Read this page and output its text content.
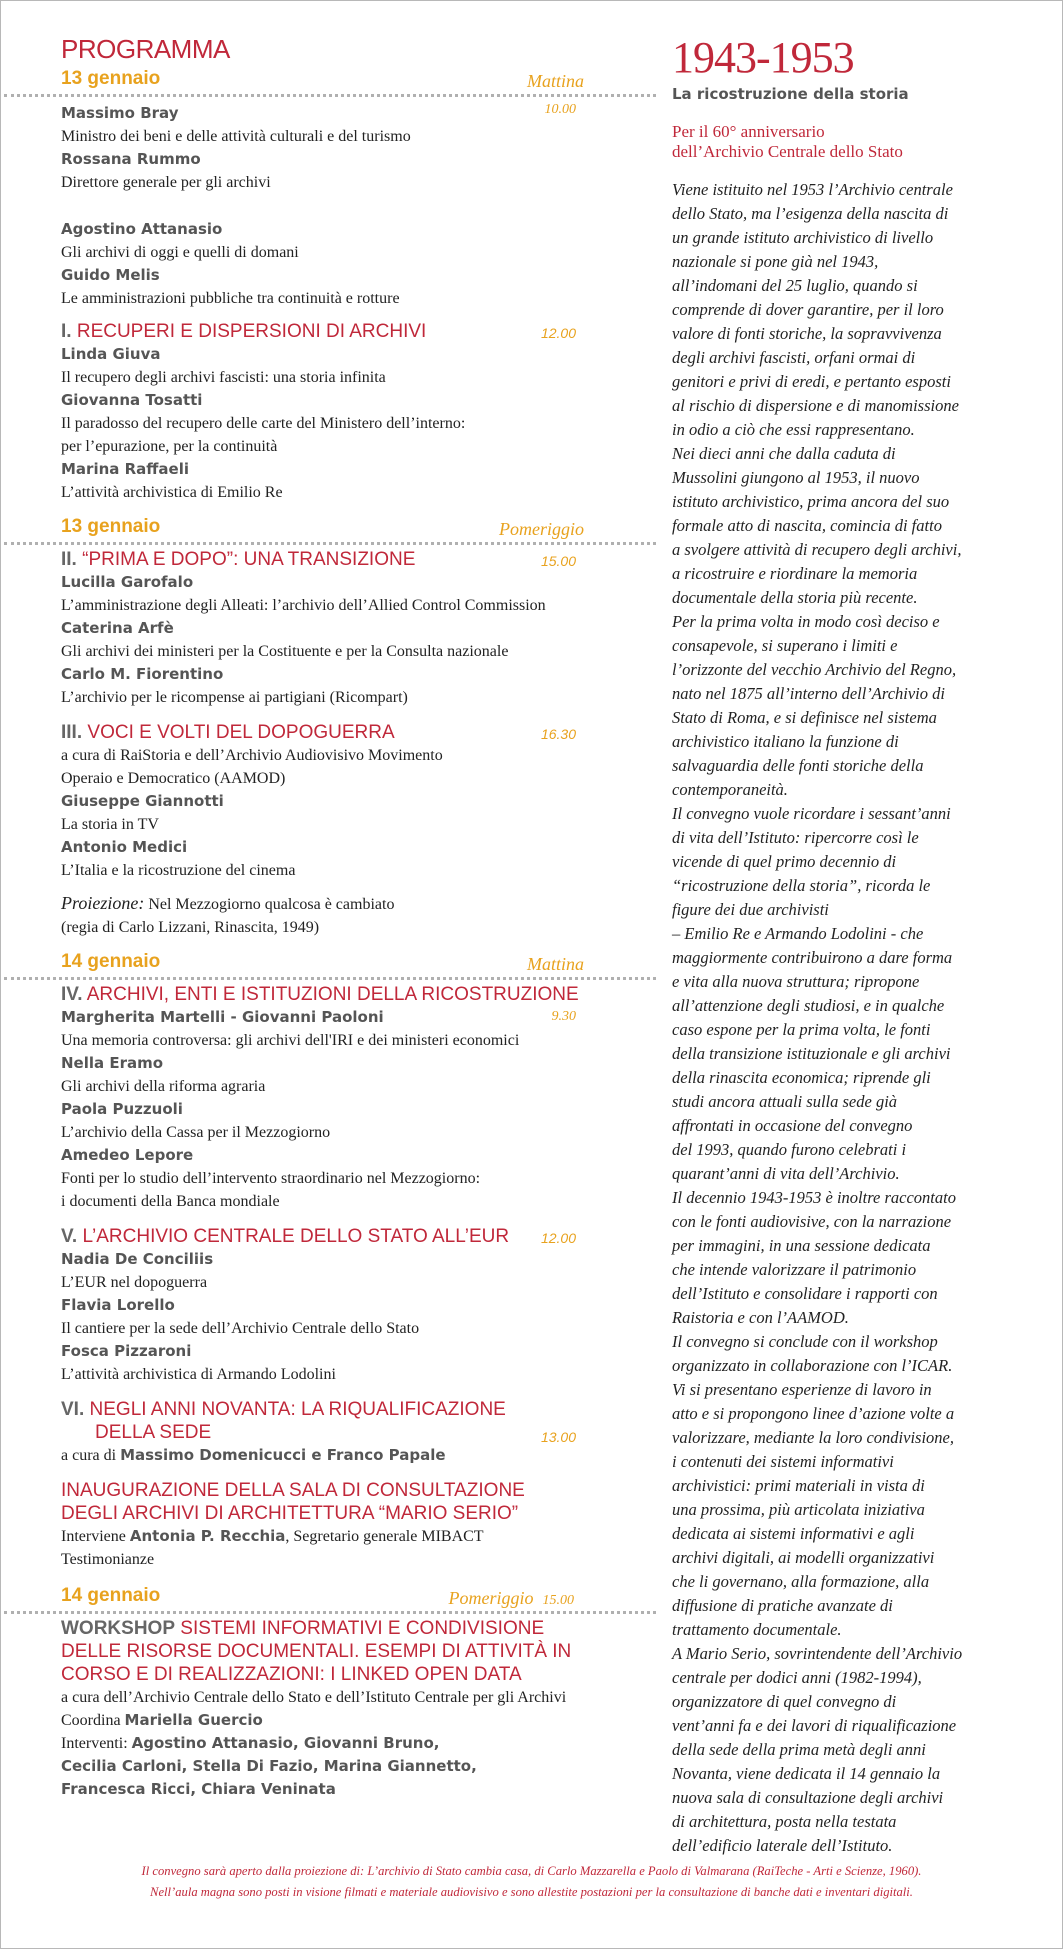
PROGRAMMA
13 gennaio	Mattina
10.00
Massimo Bray
Ministro dei beni e delle attività culturali e del turismo
Rossana Rummo
Direttore generale per gli archivi
Agostino Attanasio
Gli archivi di oggi e quelli di domani
Guido Melis
Le amministrazioni pubbliche tra continuità e rotture
I. RECUPERI E DISPERSIONI DI ARCHIVI	12.00
Linda Giuva
Il recupero degli archivi fascisti: una storia infinita
Giovanna Tosatti
Il paradosso del recupero delle carte del Ministero dell’interno:
per l’epurazione, per la continuità
Marina Raffaeli
L’attività archivistica di Emilio Re
13 gennaio	Pomeriggio
II. “PRIMA E DOPO”: UNA TRANSIZIONE	15.00
Lucilla Garofalo
L’amministrazione degli Alleati: l’archivio dell’Allied Control Commission
Caterina Arfè
Gli archivi dei ministeri per la Costituente e per la Consulta nazionale
Carlo M. Fiorentino
L’archivio per le ricompense ai partigiani (Ricompart)
III. VOCI E VOLTI DEL DOPOGUERRA	16.30
a cura di RaiStoria e dell’Archivio Audiovisivo Movimento
Operaio e Democratico (AAMOD)
Giuseppe Giannotti
La storia in TV
Antonio Medici
L’Italia e la ricostruzione del cinema
Proiezione: Nel Mezzogiorno qualcosa è cambiato
(regia di Carlo Lizzani, Rinascita, 1949)
14 gennaio	Mattina
IV. ARCHIVI, ENTI E ISTITUZIONI DELLA RICOSTRUZIONE
9.30
Margherita Martelli - Giovanni Paoloni
Una memoria controversa: gli archivi dell'IRI e dei ministeri economici
Nella Eramo
Gli archivi della riforma agraria
Paola Puzzuoli
L’archivio della Cassa per il Mezzogiorno
Amedeo Lepore
Fonti per lo studio dell’intervento straordinario nel Mezzogiorno:
i documenti della Banca mondiale
V. L’ARCHIVIO CENTRALE DELLO STATO ALL’EUR 12.00
Nadia De Conciliis
L’EUR nel dopoguerra
Flavia Lorello
Il cantiere per la sede dell’Archivio Centrale dello Stato
Fosca Pizzaroni
L’attività archivistica di Armando Lodolini
VI. NEGLI ANNI NOVANTA: LA RIQUALIFICAZIONE
DELLA SEDE	13.00
a cura di Massimo Domenicucci e Franco Papale
INAUGURAZIONE DELLA SALA DI CONSULTAZIONE
DEGLI ARCHIVI DI ARCHITETTURA “MARIO SERIO”
Interviene Antonia P. Recchia, Segretario generale MIBACT
Testimonianze
14 gennaio	Pomeriggio 15.00
WORKSHOP SISTEMI INFORMATIVI E CONDIVISIONE
DELLE RISORSE DOCUMENTALI. ESEMPI DI ATTIVITÀ IN
CORSO E DI REALIZZAZIONI: I LINKED OPEN DATA
a cura dell’Archivio Centrale dello Stato e dell’Istituto Centrale per gli Archivi
Coordina Mariella Guercio
Interventi: Agostino Attanasio, Giovanni Bruno,
Cecilia Carloni, Stella Di Fazio, Marina Giannetto,
Francesca Ricci, Chiara Veninata
1943-1953
La ricostruzione della storia
Per il 60° anniversario
dell’Archivio Centrale dello Stato

Viene istituito nel 1953 l’Archivio centrale

dello Stato, ma l’esigenza della nascita di

un grande istituto archivistico di livello

nazionale si pone già nel 1943,

all’indomani del 25 luglio, quando si

comprende di dover garantire, per il loro

valore di fonti storiche, la sopravvivenza

degli archivi fascisti, orfani ormai di

genitori e privi di eredi, e pertanto esposti

al rischio di dispersione e di manomissione

in odio a ciò che essi rappresentano.

Nei dieci anni che dalla caduta di

Mussolini giungono al 1953, il nuovo

istituto archivistico, prima ancora del suo

formale atto di nascita, comincia di fatto

a svolgere attività di recupero degli archivi,

a ricostruire e riordinare la memoria

documentale della storia più recente.

Per la prima volta in modo così deciso e

consapevole, si superano i limiti e

l’orizzonte del vecchio Archivio del Regno,

nato nel 1875 all’interno dell’Archivio di

Stato di Roma, e si definisce nel sistema

archivistico italiano la funzione di

salvaguardia delle fonti storiche della

contemporaneità.

Il convegno vuole ricordare i sessant’anni

di vita dell’Istituto: ripercorre così le

vicende di quel primo decennio di

“ricostruzione della storia”, ricorda le

figure dei due archivisti

– Emilio Re e Armando Lodolini - che

maggiormente contribuirono a dare forma

e vita alla nuova struttura; ripropone

all’attenzione degli studiosi, e in qualche

caso espone per la prima volta, le fonti

della transizione istituzionale e gli archivi

della rinascita economica; riprende gli

studi ancora attuali sulla sede già

affrontati in occasione del convegno

del 1993, quando furono celebrati i

quarant’anni di vita dell’Archivio.

Il decennio 1943-1953 è inoltre raccontato

con le fonti audiovisive, con la narrazione

per immagini, in una sessione dedicata

che intende valorizzare il patrimonio

dell’Istituto e consolidare i rapporti con

Raistoria e con l’AAMOD.

Il convegno si conclude con il workshop

organizzato in collaborazione con l’ICAR.

Vi si presentano esperienze di lavoro in

atto e si propongono linee d’azione volte a

valorizzare, mediante la loro condivisione,

i contenuti dei sistemi informativi

archivistici: primi materiali in vista di

una prossima, più articolata iniziativa

dedicata ai sistemi informativi e agli

archivi digitali, ai modelli organizzativi

che li governano, alla formazione, alla

diffusione di pratiche avanzate di

trattamento documentale.

A Mario Serio, sovrintendente dell’Archivio

centrale per dodici anni (1982-1994),

organizzatore di quel convegno di

vent’anni fa e dei lavori di riqualificazione

della sede della prima metà degli anni

Novanta, viene dedicata il 14 gennaio la

nuova sala di consultazione degli archivi

di architettura, posta nella testata

dell’edificio laterale dell’Istituto.

Il convegno sarà aperto dalla proiezione di: L’archivio di Stato cambia casa, di Carlo Mazzarella e Paolo di Valmarana (RaiTeche - Arti e Scienze, 1960).
Nell’aula magna sono posti in visione filmati e materiale audiovisivo e sono allestite postazioni per la consultazione di banche dati e inventari digitali.
